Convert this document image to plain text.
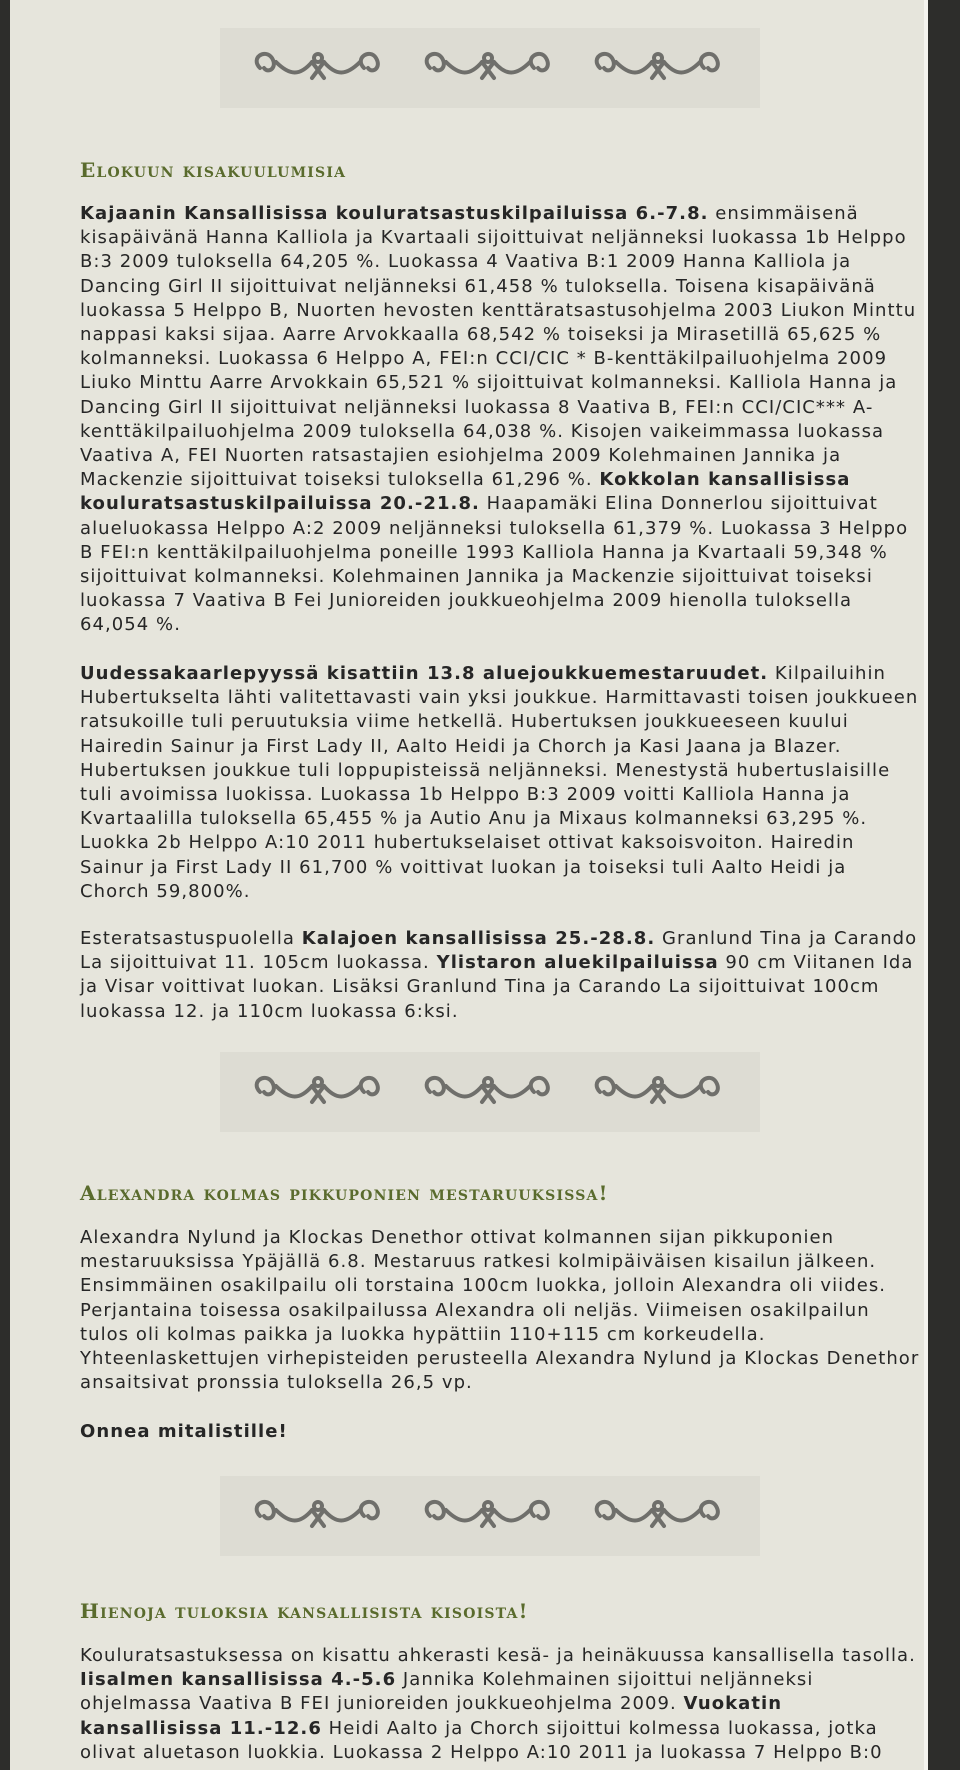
Elokuun kisakuulumisia

Kajaanin Kansallisissa kouluratsastuskilpailuissa 6.-7.8. ensimmäisenä kisapäivänä Hanna Kalliola ja Kvartaali sijoittuivat neljänneksi luokassa 1b Helppo B:3 2009 tuloksella 64,205 %. Luokassa 4 Vaativa B:1 2009 Hanna Kalliola ja Dancing Girl II sijoittuivat neljänneksi 61,458 % tuloksella. Toisena kisapäivänä luokassa 5 Helppo B, Nuorten hevosten kenttäratsastusohjelma 2003 Liukon Minttu nappasi kaksi sijaa. Aarre Arvokkaalla 68,542 % toiseksi ja Mirasetillä 65,625 % kolmanneksi. Luokassa 6 Helppo A, FEI:n CCI/CIC * B-kenttäkilpailuohjelma 2009 Liuko Minttu Aarre Arvokkain 65,521 % sijoittuivat kolmanneksi. Kalliola Hanna ja Dancing Girl II sijoittuivat neljänneksi luokassa 8 Vaativa B, FEI:n CCI/CIC*** A-kenttäkilpailuohjelma 2009 tuloksella 64,038 %. Kisojen vaikeimmassa luokassa Vaativa A, FEI Nuorten ratsastajien esiohjelma 2009 Kolehmainen Jannika ja Mackenzie sijoittuivat toiseksi tuloksella 61,296 %. Kokkolan kansallisissa kouluratsastuskilpailuissa 20.-21.8. Haapamäki Elina Donnerlou sijoittuivat alueluokassa Helppo A:2 2009 neljänneksi tuloksella 61,379 %. Luokassa 3 Helppo B FEI:n kenttäkilpailuohjelma poneille 1993 Kalliola Hanna ja Kvartaali 59,348 % sijoittuivat kolmanneksi. Kolehmainen Jannika ja Mackenzie sijoittuivat toiseksi luokassa 7 Vaativa B Fei Junioreiden joukkueohjelma 2009 hienolla tuloksella 64,054 %.

Uudessakaarlepyyssä kisattiin 13.8 aluejoukkuemestaruudet. Kilpailuihin Hubertukselta lähti valitettavasti vain yksi joukkue. Harmittavasti toisen joukkueen ratsukoille tuli peruutuksia viime hetkellä. Hubertuksen joukkueeseen kuului Hairedin Sainur ja First Lady II, Aalto Heidi ja Chorch ja Kasi Jaana ja Blazer. Hubertuksen joukkue tuli loppupisteissä neljänneksi. Menestystä hubertuslaisille tuli avoimissa luokissa. Luokassa 1b Helppo B:3 2009 voitti Kalliola Hanna ja Kvartaalilla tuloksella 65,455 % ja Autio Anu ja Mixaus kolmanneksi 63,295 %. Luokka 2b Helppo A:10 2011 hubertukselaiset ottivat kaksoisvoiton. Hairedin Sainur ja First Lady II 61,700 % voittivat luokan ja toiseksi tuli Aalto Heidi ja Chorch 59,800%.

Esteratsastuspuolella Kalajoen kansallisissa 25.-28.8. Granlund Tina ja Carando La sijoittuivat 11. 105cm luokassa. Ylistaron aluekilpailuissa 90 cm Viitanen Ida ja Visar voittivat luokan. Lisäksi Granlund Tina ja Carando La sijoittuivat 100cm luokassa 12. ja 110cm luokassa 6:ksi.

Alexandra kolmas pikkuponien mestaruuksissa!

Alexandra Nylund ja Klockas Denethor ottivat kolmannen sijan pikkuponien mestaruuksissa Ypäjällä 6.8. Mestaruus ratkesi kolmipäiväisen kisailun jälkeen. Ensimmäinen osakilpailu oli torstaina 100cm luokka, jolloin Alexandra oli viides. Perjantaina toisessa osakilpailussa Alexandra oli neljäs. Viimeisen osakilpailun tulos oli kolmas paikka ja luokka hypättiin 110+115 cm korkeudella. Yhteenlaskettujen virhepisteiden perusteella Alexandra Nylund ja Klockas Denethor ansaitsivat pronssia tuloksella 26,5 vp.

Onnea mitalistille!

Hienoja tuloksia kansallisista kisoista!

Kouluratsastuksessa on kisattu ahkerasti kesä- ja heinäkuussa kansallisella tasolla. Iisalmen kansallisissa 4.-5.6 Jannika Kolehmainen sijoittui neljänneksi ohjelmassa Vaativa B FEI junioreiden joukkueohjelma 2009. Vuokatin kansallisissa 11.-12.6 Heidi Aalto ja Chorch sijoittui kolmessa luokassa, jotka olivat aluetason luokkia. Luokassa 2 Helppo A:10 2011 ja luokassa 7 Helppo B:0
